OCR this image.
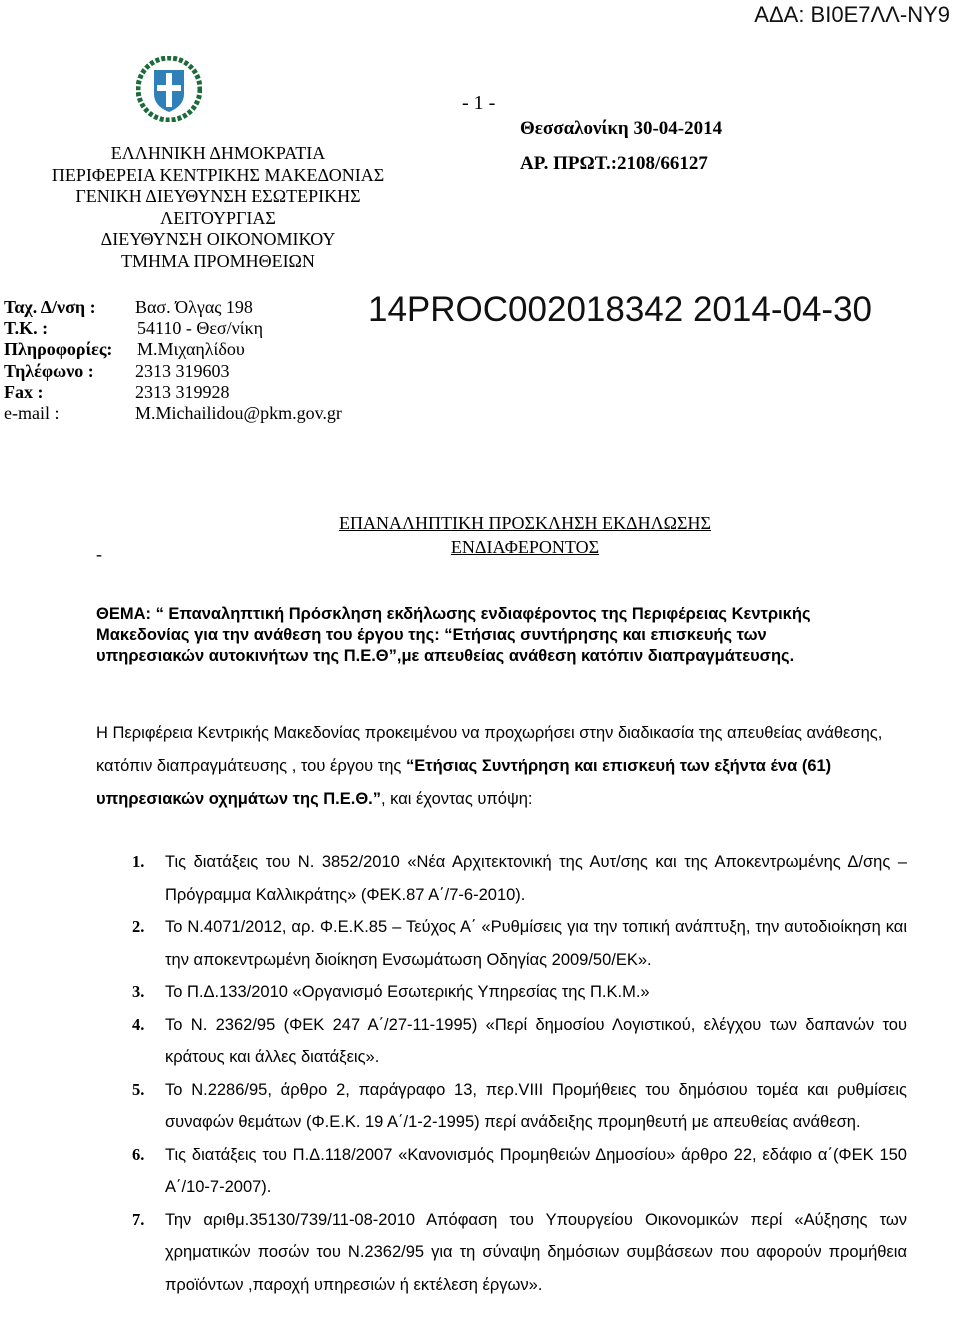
ΑΔΑ: ΒΙ0Ε7ΛΛ-ΝΥ9
ΕΛΛΗΝΙΚΗ ΔΗΜΟΚΡΑΤΙΑ
ΠΕΡΙΦΕΡΕΙΑ ΚΕΝΤΡΙΚΗΣ ΜΑΚΕΔΟΝΙΑΣ
ΓΕΝΙΚΗ ΔΙΕΥΘΥΝΣΗ ΕΣΩΤΕΡΙΚΗΣ
ΛΕΙΤΟΥΡΓΙΑΣ
ΔΙΕΥΘΥΝΣΗ ΟΙΚΟΝΟΜΙΚΟΥ
ΤΜΗΜΑ ΠΡΟΜΗΘΕΙΩΝ
- 1 -
Θεσσαλονίκη 30-04-2014
ΑΡ. ΠΡΩΤ.:2108/66127
Ταχ. Δ/νση : Βασ. Όλγας 198
Τ.Κ. :	54110 - Θεσ/νίκη
Πληροφορίες: Μ.Μιχαηλίδου
Τηλέφωνο : 2313 319603
Fax :	2313 319928
e-mail :	M.Michailidou@pkm.gov.gr
14PROC002018342 2014-04-30
-
ΕΠΑΝΑΛΗΠΤΙΚΗ ΠΡΟΣΚΛΗΣΗ ΕΚΔΗΛΩΣΗΣ
ΕΝΔΙΑΦΕΡΟΝΤΟΣ
ΘΕΜΑ: “ Επαναληπτική Πρόσκληση εκδήλωσης ενδιαφέροντος της Περιφέρειας Κεντρικής Μακεδονίας για την ανάθεση του έργου της: “Ετήσιας συντήρησης και επισκευής των υπηρεσιακών αυτοκινήτων της Π.Ε.Θ”,με απευθείας ανάθεση κατόπιν διαπραγμάτευσης.
Η Περιφέρεια Κεντρικής Μακεδονίας προκειμένου να προχωρήσει στην διαδικασία της απευθείας ανάθεσης, κατόπιν διαπραγμάτευσης , του έργου της “Ετήσιας Συντήρηση και επισκευή των εξήντα ένα (61) υπηρεσιακών οχημάτων της Π.Ε.Θ.”, και έχοντας υπόψη:
1. Τις διατάξεις του Ν. 3852/2010 «Νέα Αρχιτεκτονική της Αυτ/σης και της Αποκεντρωμένης Δ/σης – Πρόγραμμα Καλλικράτης» (ΦΕΚ.87 Α΄/7-6-2010).
2. Το Ν.4071/2012, αρ. Φ.Ε.Κ.85 – Τεύχος Α΄ «Ρυθμίσεις για την τοπική ανάπτυξη, την αυτοδιοίκηση και την αποκεντρωμένη διοίκηση Ενσωμάτωση Οδηγίας 2009/50/ΕΚ».
3. Το Π.Δ.133/2010 «Οργανισμό Εσωτερικής Υπηρεσίας της Π.Κ.Μ.»
4. Το Ν. 2362/95 (ΦΕΚ 247 Α΄/27-11-1995) «Περί δημοσίου Λογιστικού, ελέγχου των δαπανών του κράτους και άλλες διατάξεις».
5. Το Ν.2286/95, άρθρο 2, παράγραφο 13, περ.VIII Προμήθειες του δημόσιου τομέα και ρυθμίσεις συναφών θεμάτων (Φ.Ε.Κ. 19 Α΄/1-2-1995) περί ανάδειξης προμηθευτή με απευθείας ανάθεση.
6. Τις διατάξεις του Π.Δ.118/2007 «Κανονισμός Προμηθειών Δημοσίου» άρθρο 22, εδάφιο α΄(ΦΕΚ 150 Α΄/10-7-2007).
7. Την αριθμ.35130/739/11-08-2010 Απόφαση του Υπουργείου Οικονομικών περί «Αύξησης των χρηματικών ποσών του Ν.2362/95 για τη σύναψη δημόσιων συμβάσεων που αφορούν προμήθεια προϊόντων ,παροχή υπηρεσιών ή εκτέλεση έργων».
